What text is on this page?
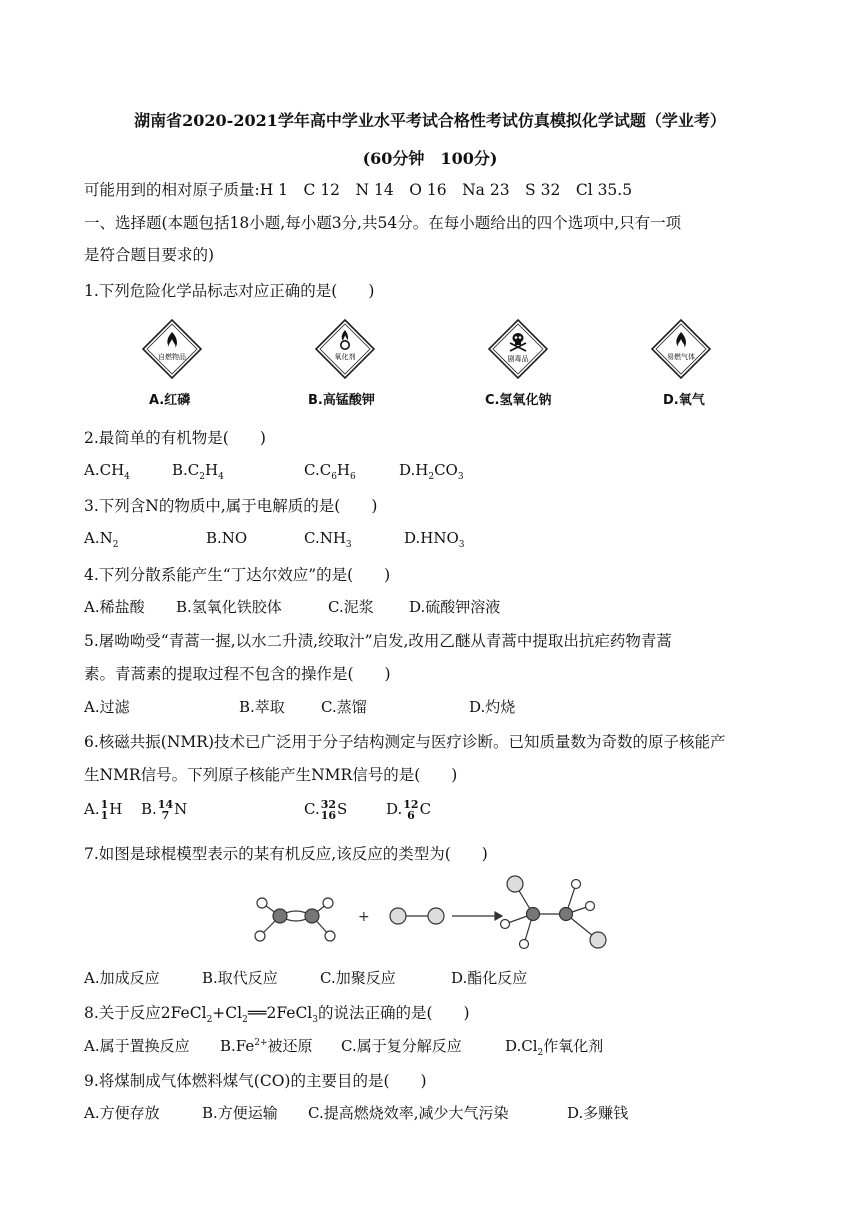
湖南省2020-2021学年高中学业水平考试合格性考试仿真模拟化学试题（学业考）
(60分钟　100分)
可能用到的相对原子质量:H 1　C 12　N 14　O 16　Na 23　S 32　Cl 35.5
一、选择题(本题包括18小题,每小题3分,共54分。在每小题给出的四个选项中,只有一项
是符合题目要求的)
1.下列危险化学品标志对应正确的是(　　)
自燃物品
A.红磷
氧化剂
B.高锰酸钾
剧毒品
C.氢氧化钠
易燃气体
D.氧气
2.最简单的有机物是(　　)
$A.CH_4$	$B.C_2H_4$	$C.C_6H_6$	$D.H_2CO_3$
3.下列含N的物质中,属于电解质的是(　　)
$A.N_2$	B.NO	$C.NH_3$	$D.HNO_3$
4.下列分散系能产生“丁达尔效应”的是(　　)
A.稀盐酸 B.氢氧化铁胶体	C.泥浆 D.硫酸钾溶液
5.屠呦呦受“青蒿一握,以水二升渍,绞取汁”启发,改用乙醚从青蒿中提取出抗疟药物青蒿
素。青蒿素的提取过程不包含的操作是(　　)
A.过滤	B.萃取 C.蒸馏	D.灼烧
6.核磁共振(NMR)技术已广泛用于分子结构测定与医疗诊断。已知质量数为奇数的原子核能产
生NMR信号。下列原子核能产生NMR信号的是(　　)
A. 1
1 H B. 14
7 N	C. 32
16 S	D. 12
6 C
7.如图是球棍模型表示的某有机反应,该反应的类型为(　　)
+
A.加成反应	B.取代反应	C.加聚反应	D.酯化反应
8.关于反应$2FeCl_2+Cl_2══2FeCl_3$的说法正确的是(　　)
A.属于置换反应 $B.Fe^{2+}$被还原 C.属于复分解反应	$D.Cl_2$作氧化剂
9.将煤制成气体燃料煤气(CO)的主要目的是(　　)
A.方便存放	B.方便运输 C.提高燃烧效率,减少大气污染	D.多赚钱
